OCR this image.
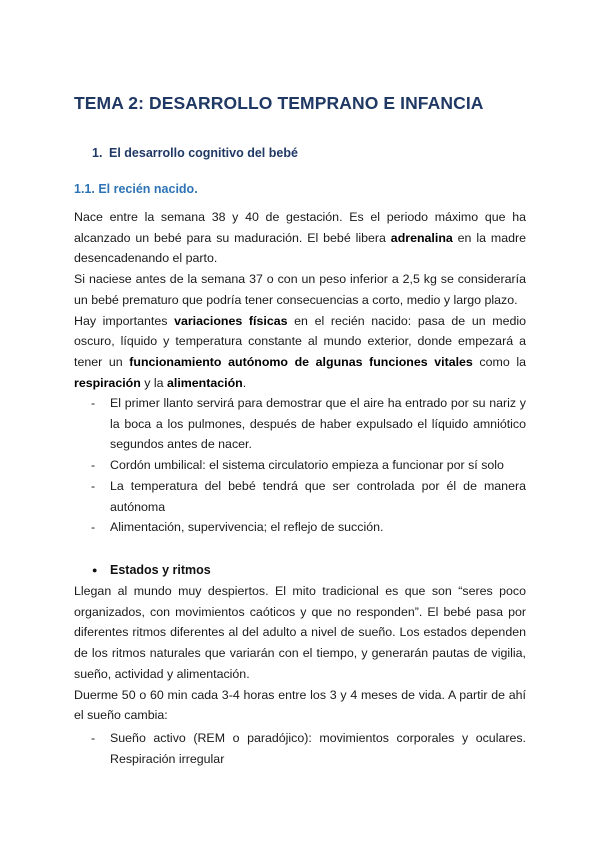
TEMA 2: DESARROLLO TEMPRANO E INFANCIA
1. El desarrollo cognitivo del bebé
1.1. El recién nacido.

Nace entre la semana 38 y 40 de gestación. Es el periodo máximo que ha alcanzado un bebé para su maduración. El bebé libera adrenalina en la madre desencadenando el parto.

Si naciese antes de la semana 37 o con un peso inferior a 2,5 kg se consideraría un bebé prematuro que podría tener consecuencias a corto, medio y largo plazo.

Hay importantes variaciones físicas en el recién nacido: pasa de un medio oscuro, líquido y temperatura constante al mundo exterior, donde empezará a tener un funcionamiento autónomo de algunas funciones vitales como la respiración y la alimentación.

- El primer llanto servirá para demostrar que el aire ha entrado por su nariz y la boca a los pulmones, después de haber expulsado el líquido amniótico segundos antes de nacer.
- Cordón umbilical: el sistema circulatorio empieza a funcionar por sí solo
- La temperatura del bebé tendrá que ser controlada por él de manera autónoma
- Alimentación, supervivencia; el reflejo de succión.
● Estados y ritmos

Llegan al mundo muy despiertos. El mito tradicional es que son “seres poco organizados, con movimientos caóticos y que no responden”. El bebé pasa por diferentes ritmos diferentes al del adulto a nivel de sueño. Los estados dependen de los ritmos naturales que variarán con el tiempo, y generarán pautas de vigilia, sueño, actividad y alimentación.

Duerme 50 o 60 min cada 3-4 horas entre los 3 y 4 meses de vida. A partir de ahí el sueño cambia:

- Sueño activo (REM o paradójico): movimientos corporales y oculares. Respiración irregular
